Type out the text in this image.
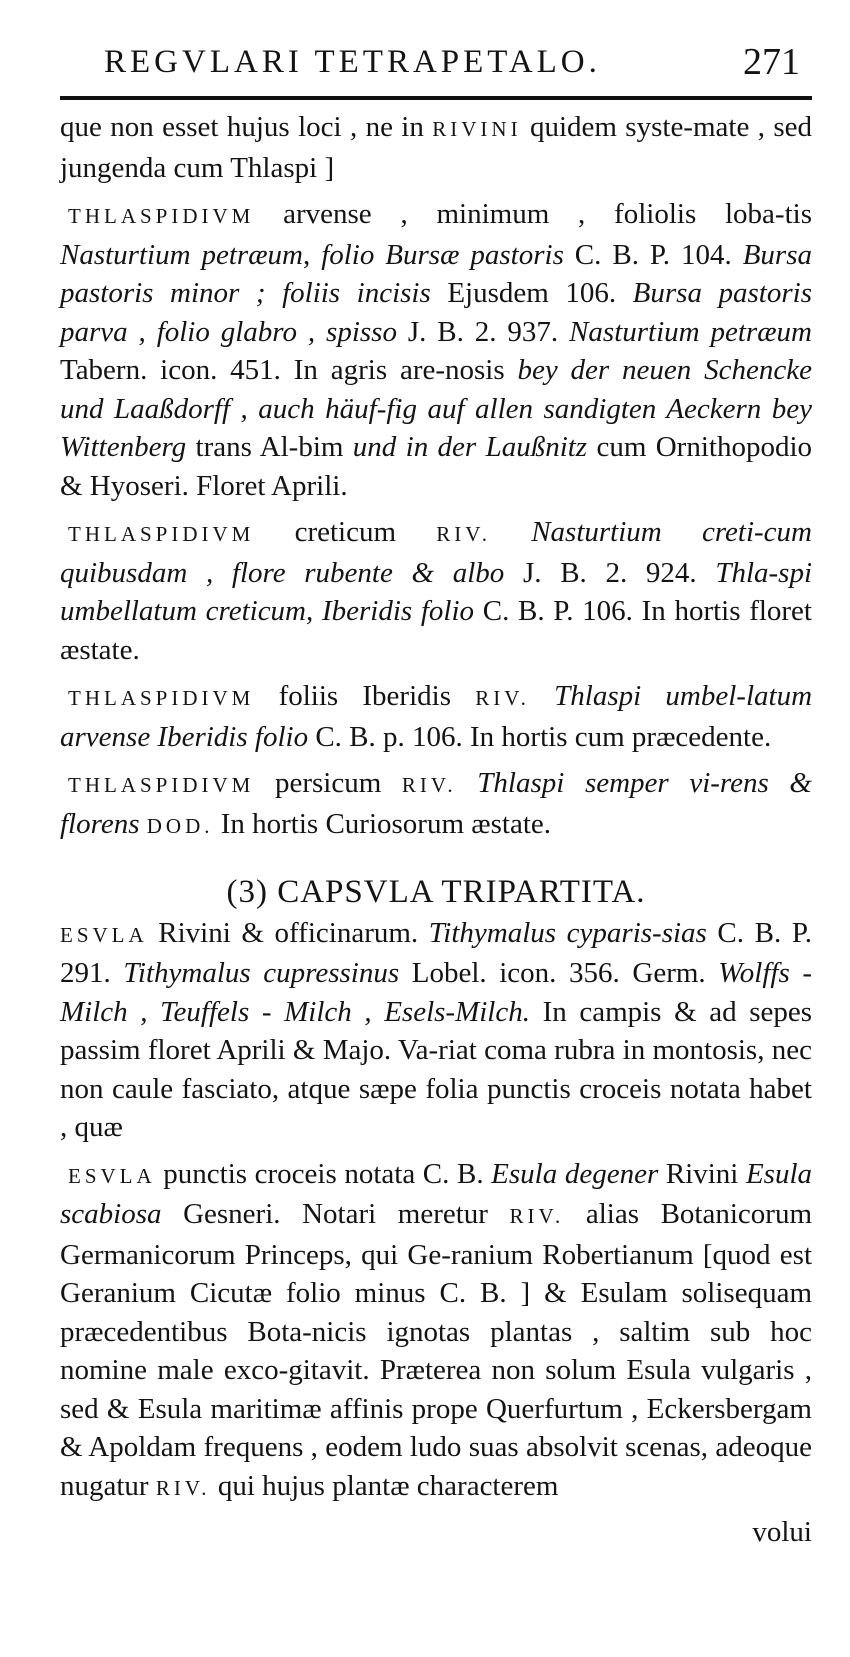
REGVLARI TETRAPETALO.	271

que non esset hujus loci , ne in RIVINI quidem syste-mate , sed jungenda cum Thlaspi ]

THLASPIDIVM arvense , minimum , foliolis loba-tis Nasturtium petræum, folio Bursæ pastoris C. B. P. 104. Bursa pastoris minor ; foliis incisis Ejusdem 106. Bursa pastoris parva , folio glabro , spisso J. B. 2. 937. Nasturtium petræum Tabern. icon. 451. In agris are-nosis bey der neuen Schencke und Laaßdorff , auch häuf-fig auf allen sandigten Aeckern bey Wittenberg trans Al-bim und in der Laußnitz cum Ornithopodio & Hyoseri. Floret Aprili.

THLASPIDIVM creticum RIV. Nasturtium creti-cum quibusdam , flore rubente & albo J. B. 2. 924. Thla-spi umbellatum creticum, Iberidis folio C. B. P. 106. In hortis floret æstate.

THLASPIDIVM foliis Iberidis RIV. Thlaspi umbel-latum arvense Iberidis folio C. B. p. 106. In hortis cum præcedente.

THLASPIDIVM persicum RIV. Thlaspi semper vi-rens & florens DOD. In hortis Curiosorum æstate.

(3) CAPSVLA TRIPARTITA.

ESVLA Rivini & officinarum. Tithymalus cyparis-sias C. B. P. 291. Tithymalus cupressinus Lobel. icon. 356. Germ. Wolffs - Milch , Teuffels - Milch , Esels-Milch. In campis & ad sepes passim floret Aprili & Majo. Va-riat coma rubra in montosis, nec non caule fasciato, atque sæpe folia punctis croceis notata habet , quæ

ESVLA punctis croceis notata C. B. Esula degener Rivini Esula scabiosa Gesneri. Notari meretur RIV. alias Botanicorum Germanicorum Princeps, qui Ge-ranium Robertianum [quod est Geranium Cicutæ folio minus C. B. ] & Esulam solisequam præcedentibus Bota-nicis ignotas plantas , saltim sub hoc nomine male exco-gitavit. Præterea non solum Esula vulgaris , sed & Esula maritimæ affinis prope Querfurtum , Eckersbergam & Apoldam frequens , eodem ludo suas absolvit scenas, adeoque nugatur RIV. qui hujus plantæ characterem

volui
